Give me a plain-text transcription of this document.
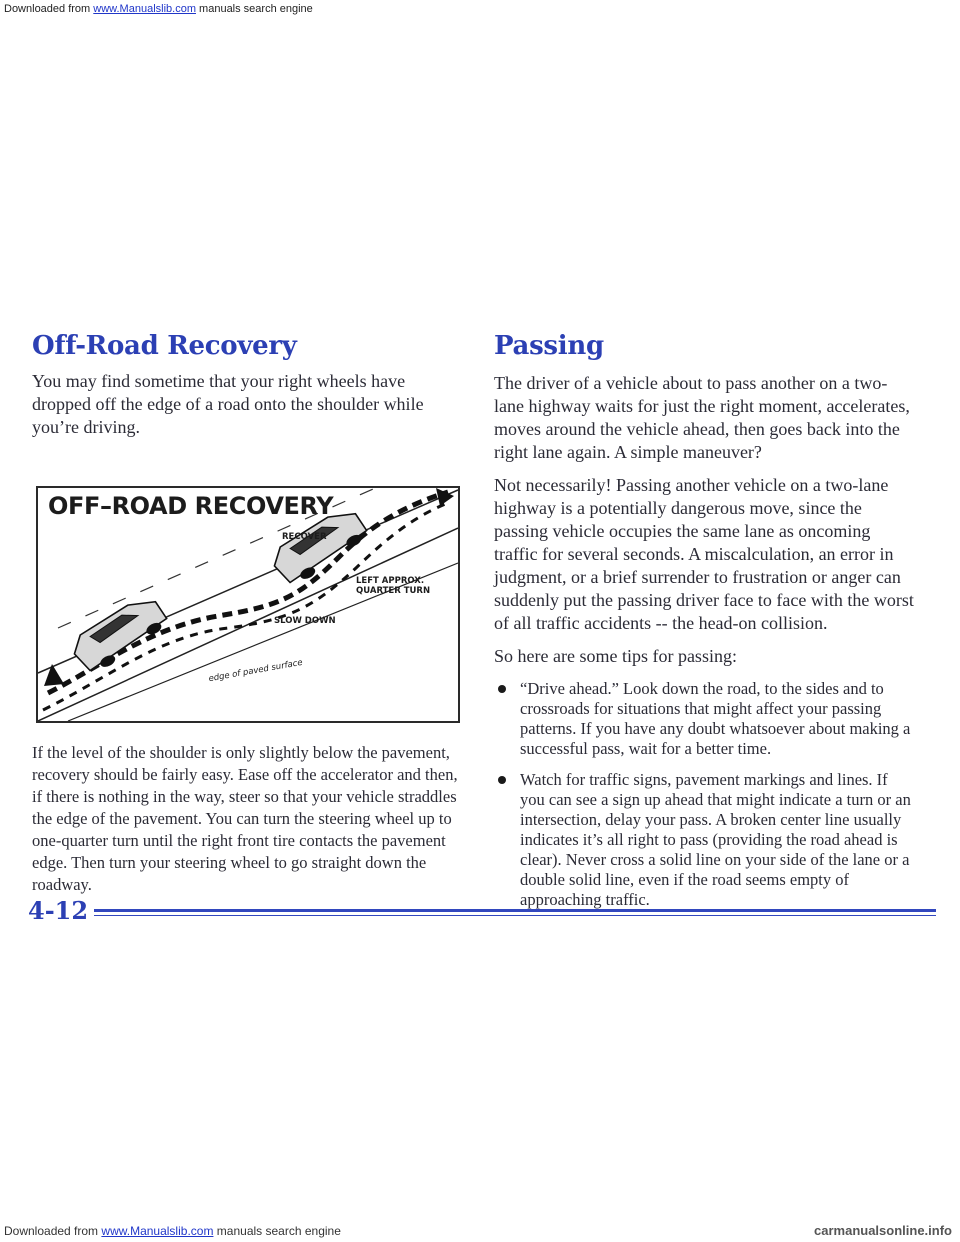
Downloaded from www.Manualslib.com manuals search engine
Off-Road Recovery

You may find sometime that your right wheels have dropped off the edge of a road onto the shoulder while you’re driving.

OFF–ROAD RECOVERY
RECOVER
LEFT APPROX.
QUARTER TURN
SLOW DOWN
edge of paved surface

If the level of the shoulder is only slightly below the pavement, recovery should be fairly easy. Ease off the accelerator and then, if there is nothing in the way, steer so that your vehicle straddles the edge of the pavement. You can turn the steering wheel up to one-quarter turn until the right front tire contacts the pavement edge. Then turn your steering wheel to go straight down the roadway.

Passing

The driver of a vehicle about to pass another on a two-lane highway waits for just the right moment, accelerates, moves around the vehicle ahead, then goes back into the right lane again. A simple maneuver?

Not necessarily! Passing another vehicle on a two-lane highway is a potentially dangerous move, since the passing vehicle occupies the same lane as oncoming traffic for several seconds. A miscalculation, an error in judgment, or a brief surrender to frustration or anger can suddenly put the passing driver face to face with the worst of all traffic accidents -- the head-on collision.

So here are some tips for passing:

“Drive ahead.” Look down the road, to the sides and to crossroads for situations that might affect your passing patterns. If you have any doubt whatsoever about making a successful pass, wait for a better time.
Watch for traffic signs, pavement markings and lines. If you can see a sign up ahead that might indicate a turn or an intersection, delay your pass. A broken center line usually indicates it’s all right to pass (providing the road ahead is clear). Never cross a solid line on your side of the lane or a double solid line, even if the road seems empty of approaching traffic.
4-12
Downloaded from www.Manualslib.com manuals search engine	carmanualsonline.info
